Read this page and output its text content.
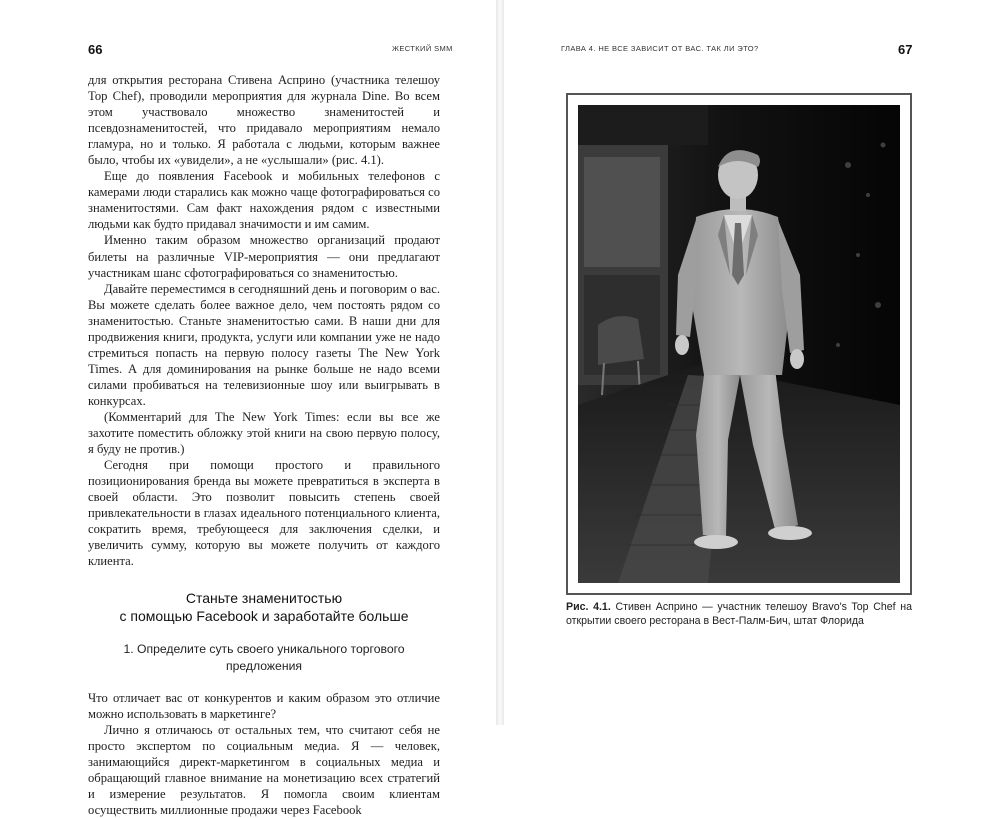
66	ЖЕСТКИЙ SMM

для открытия ресторана Стивена Асприно (участника телешоу Top Chef), проводили мероприятия для журнала Dine. Во всем этом участвовало множество знаменитостей и псевдознаменитостей, что придавало мероприятиям немало гламура, но и только. Я работала с людьми, которым важнее было, чтобы их «увидели», а не «услышали» (рис. 4.1).

Еще до появления Facebook и мобильных телефонов с камерами люди старались как можно чаще фотографироваться со знаменитостями. Сам факт нахождения рядом с известными людьми как будто придавал значимости и им самим.

Именно таким образом множество организаций продают билеты на различные VIP-мероприятия — они предлагают участникам шанс сфотографироваться со знаменитостью.

Давайте переместимся в сегодняшний день и поговорим о вас. Вы можете сделать более важное дело, чем постоять рядом со знаменитостью. Станьте знаменитостью сами. В наши дни для продвижения книги, продукта, услуги или компании уже не надо стремиться попасть на первую полосу газеты The New York Times. А для доминирования на рынке больше не надо всеми силами пробиваться на телевизионные шоу или выигрывать в конкурсах.

(Комментарий для The New York Times: если вы все же захотите поместить обложку этой книги на свою первую полосу, я буду не против.)

Сегодня при помощи простого и правильного позиционирования бренда вы можете превратиться в эксперта в своей области. Это позволит повысить степень своей привлекательности в глазах идеального потенциального клиента, сократить время, требующееся для заключения сделки, и увеличить сумму, которую вы можете получить от каждого клиента.

Станьте знаменитостью
с помощью Facebook и заработайте больше
1. Определите суть своего уникального торгового предложения

Что отличает вас от конкурентов и каким образом это отличие можно использовать в маркетинге?

Лично я отличаюсь от остальных тем, что считают себя не просто экспертом по социальным медиа. Я — человек, занимающийся директ-маркетингом в социальных медиа и обращающий главное внимание на монетизацию всех стратегий и измерение результатов. Я помогла своим клиентам осуществить миллионные продажи через Facebook

ГЛАВА 4. НЕ ВСЕ ЗАВИСИТ ОТ ВАС. ТАК ЛИ ЭТО?	67
Рис. 4.1. Стивен Асприно — участник телешоу Bravo's Top Chef на открытии своего ресторана в Вест-Палм-Бич, штат Флорида
